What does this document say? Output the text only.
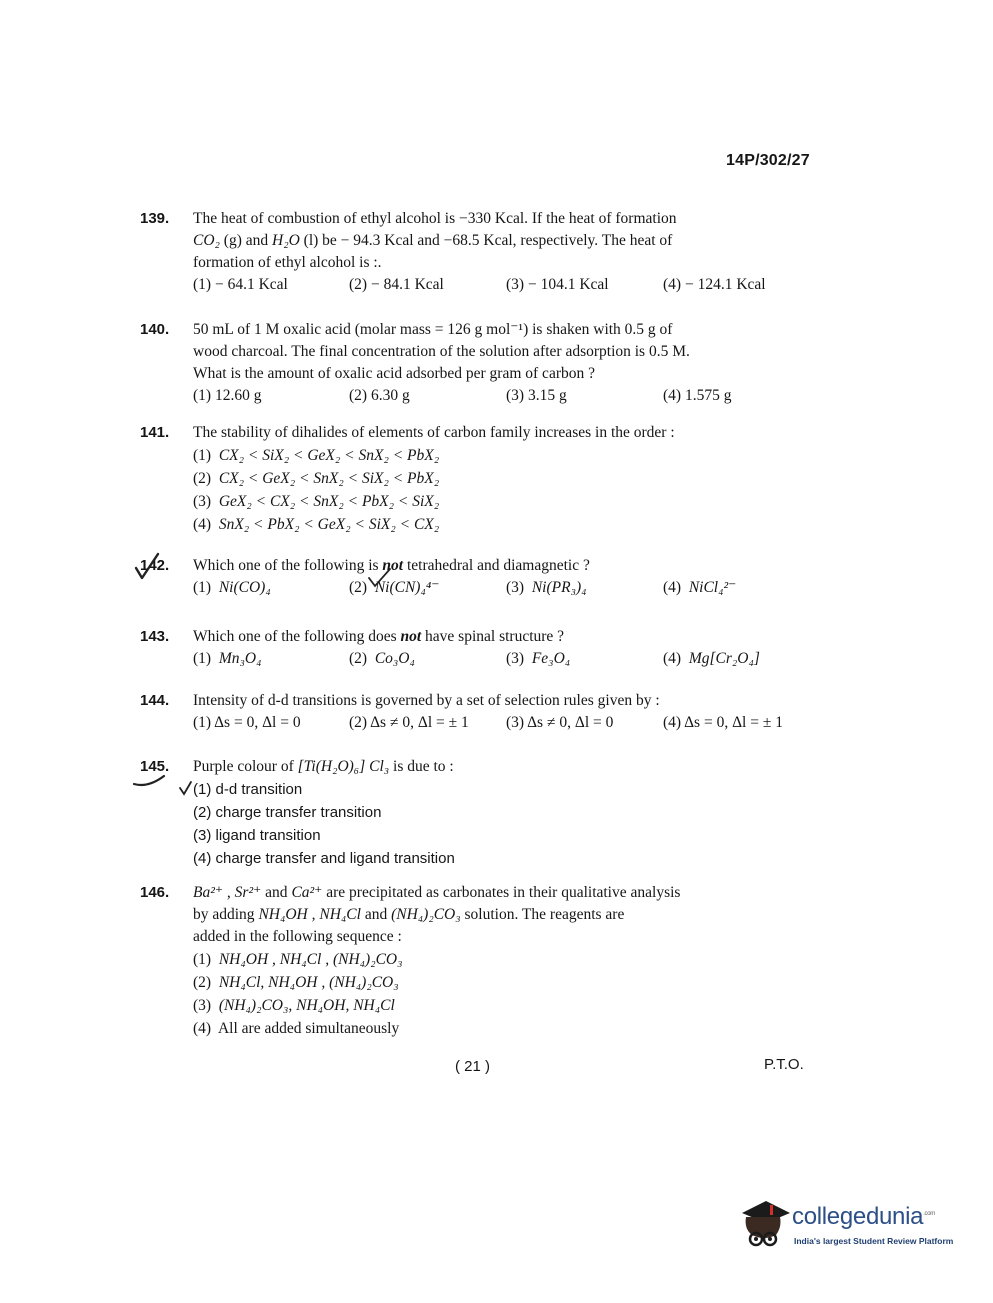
14P/302/27
139. The heat of combustion of ethyl alcohol is −330 Kcal. If the heat of formation
CO₂ (g) and H₂O (l) be − 94.3 Kcal and −68.5 Kcal, respectively. The heat of
formation of ethyl alcohol is :.
(1) − 64.1 Kcal	(2) − 84.1 Kcal	(3) − 104.1 Kcal	(4) − 124.1 Kcal
140. 50 mL of 1 M oxalic acid (molar mass = 126 g mol⁻¹) is shaken with 0.5 g of
wood charcoal. The final concentration of the solution after adsorption is 0.5 M.
What is the amount of oxalic acid adsorbed per gram of carbon ?
(1) 12.60 g	(2) 6.30 g	(3) 3.15 g	(4) 1.575 g
141. The stability of dihalides of elements of carbon family increases in the order :
(1) CX₂ < SiX₂ < GeX₂ < SnX₂ < PbX₂
(2) CX₂ < GeX₂ < SnX₂ < SiX₂ < PbX₂
(3) GeX₂ < CX₂ < SnX₂ < PbX₂ < SiX₂
(4) SnX₂ < PbX₂ < GeX₂ < SiX₂ < CX₂
142. Which one of the following is not tetrahedral and diamagnetic ?
(1) Ni(CO)₄	(2) Ni(CN)₄⁴⁻	(3) Ni(PR₃)₄	(4) NiCl₄²⁻
143. Which one of the following does not have spinal structure ?
(1) Mn₃O₄	(2) Co₃O₄	(3) Fe₃O₄	(4) Mg[Cr₂O₄]
144. Intensity of d-d transitions is governed by a set of selection rules given by :
(1) Δs = 0, Δl = 0	(2) Δs ≠ 0, Δl = ± 1	(3) Δs ≠ 0, Δl = 0	(4) Δs = 0, Δl = ± 1
145. Purple colour of [Ti(H₂O)₆] Cl₃ is due to :
(1) d-d transition
(2) charge transfer transition
(3) ligand transition
(4) charge transfer and ligand transition
146. Ba²⁺ , Sr²⁺ and Ca²⁺ are precipitated as carbonates in their qualitative analysis
by adding NH₄OH , NH₄Cl and (NH₄)₂CO₃ solution. The reagents are
added in the following sequence :
(1) NH₄OH , NH₄Cl , (NH₄)₂CO₃
(2) NH₄Cl, NH₄OH , (NH₄)₂CO₃
(3) (NH₄)₂CO₃, NH₄OH, NH₄Cl
(4) All are added simultaneously
( 21 )	P.T.O.
collegedunia$^{.com}$
India's largest Student Review Platform
